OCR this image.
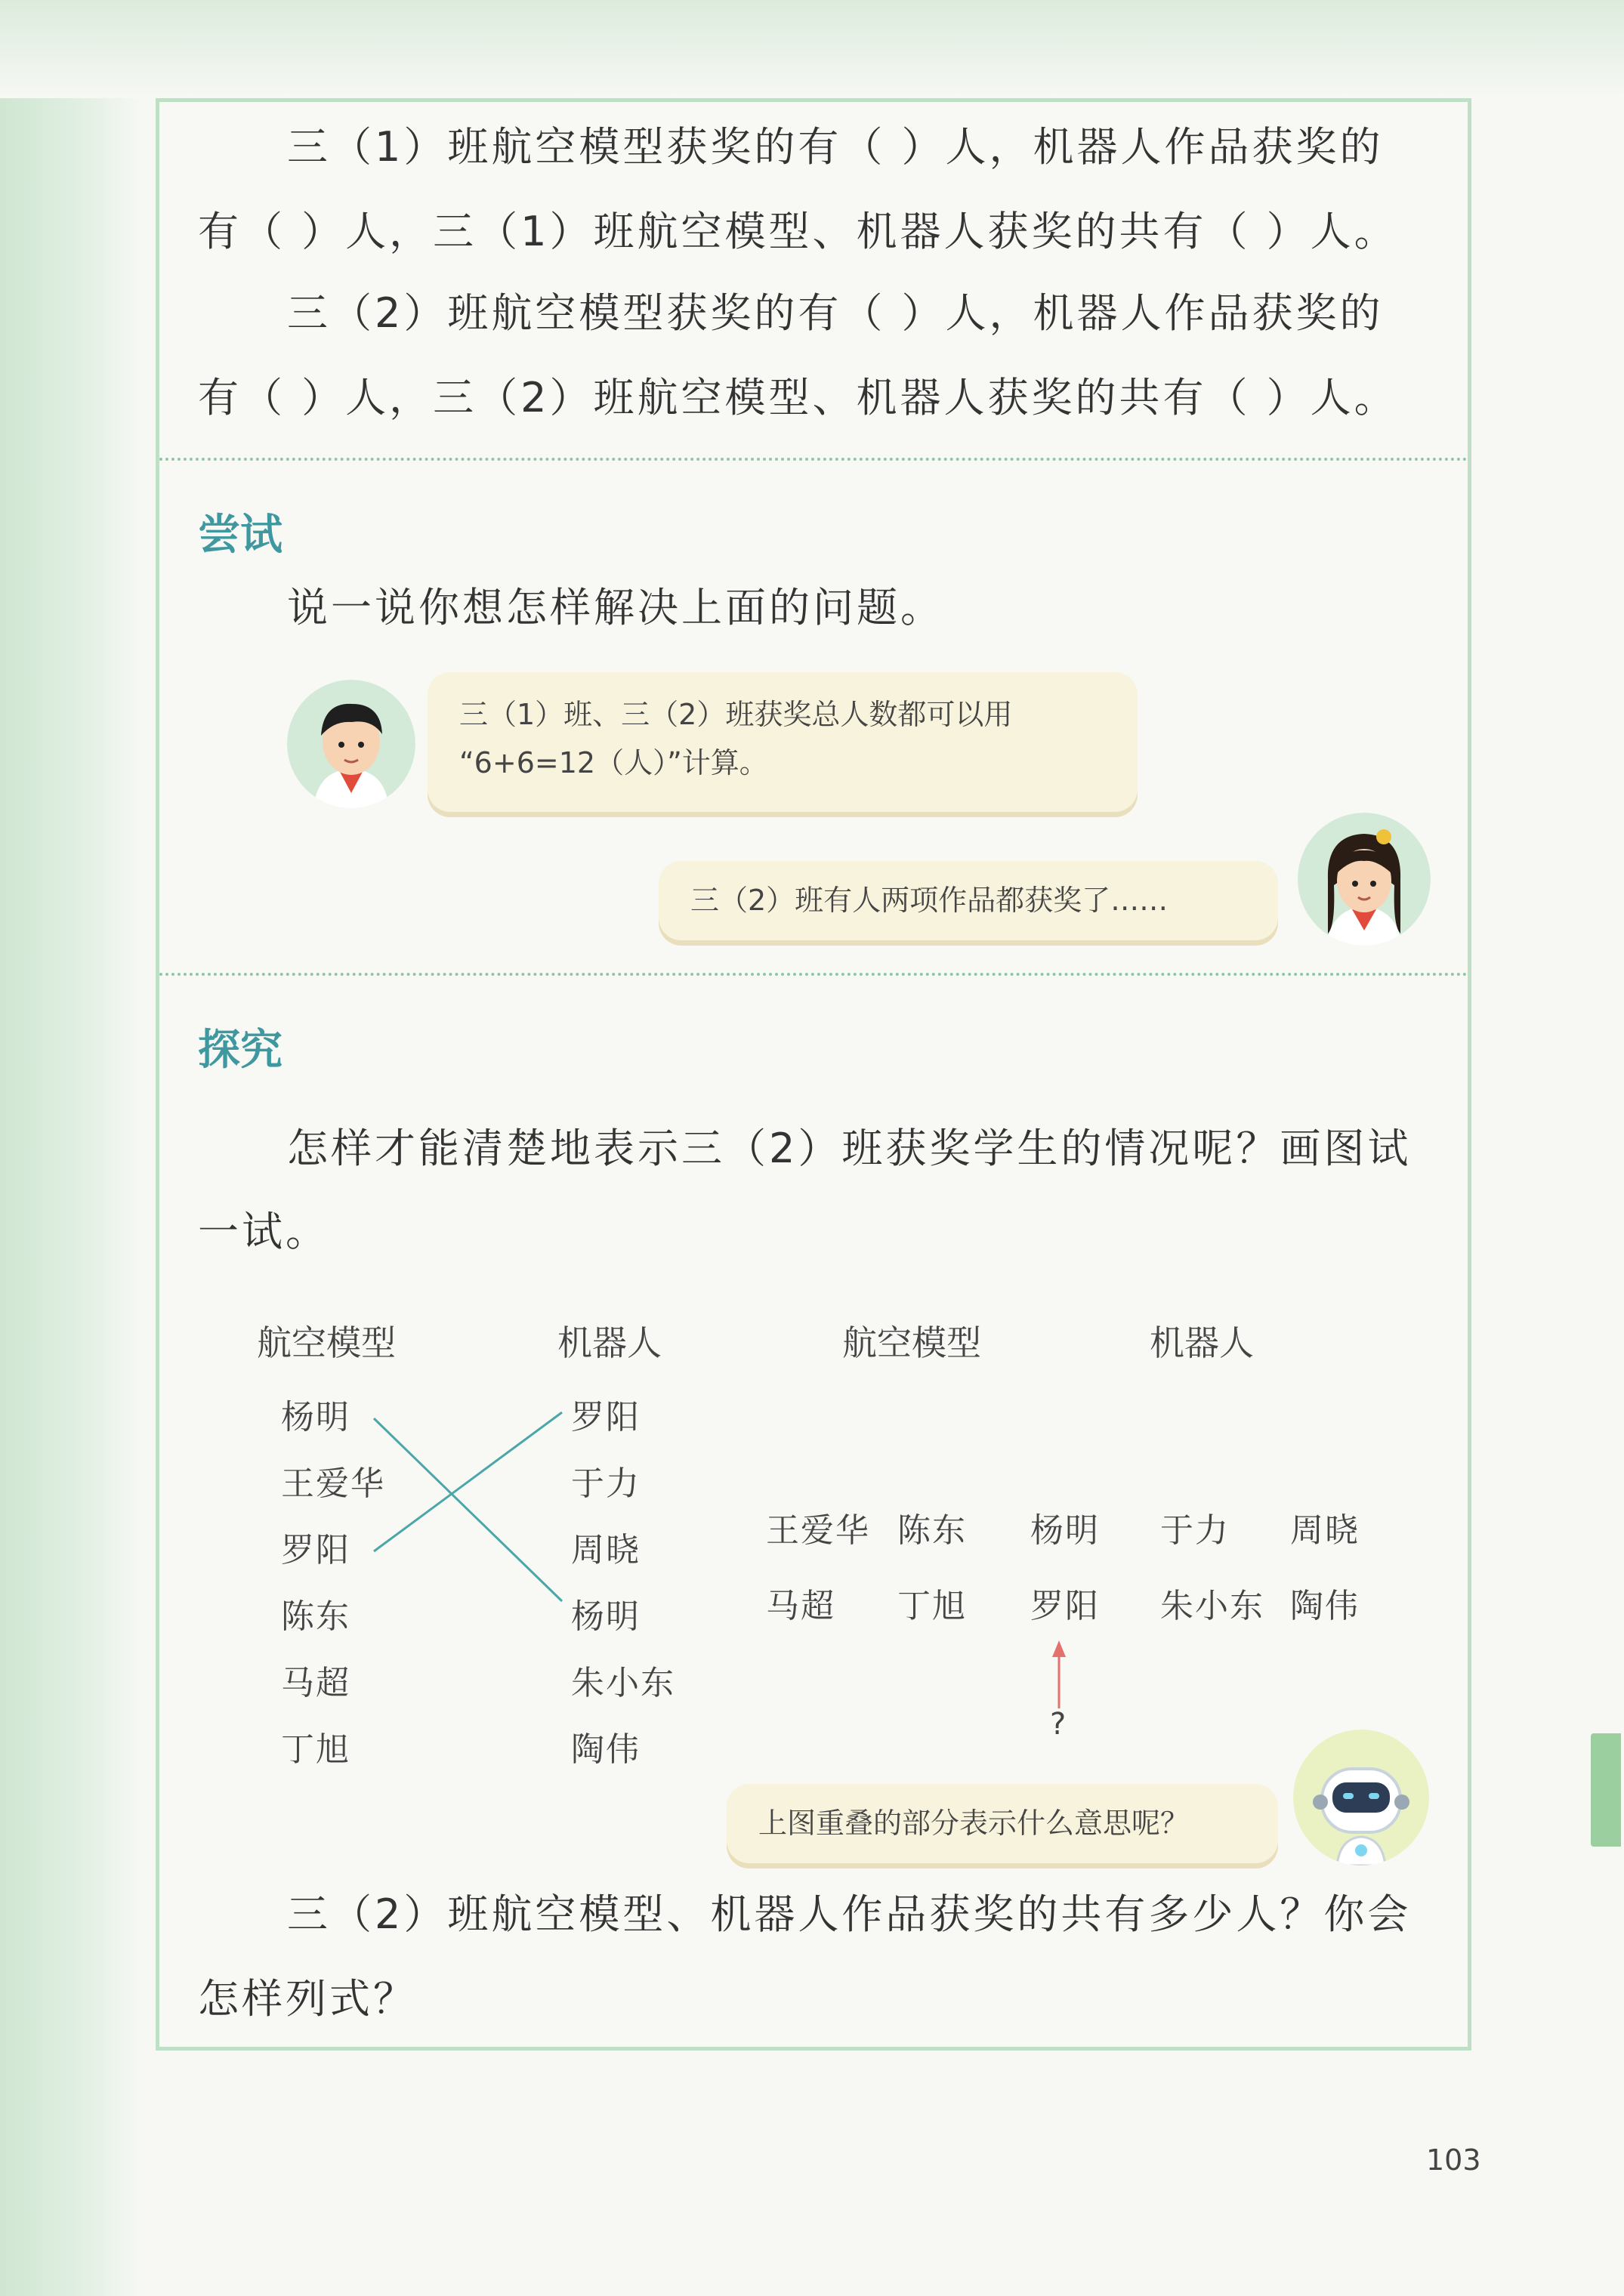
三（1）班航空模型获奖的有（ ）人，机器人作品获奖的
有（ ）人，三（1）班航空模型、机器人获奖的共有（ ）人。
三（2）班航空模型获奖的有（ ）人，机器人作品获奖的
有（ ）人，三（2）班航空模型、机器人获奖的共有（ ）人。
尝试
说一说你想怎样解决上面的问题。
三（1）班、三（2）班获奖总人数都可以用
“6+6=12（人）”计算。
三（2）班有人两项作品都获奖了……
探究
怎样才能清楚地表示三（2）班获奖学生的情况呢？画图试
一试。
航空模型	机器人
杨明
王爱华
罗阳
陈东
马超
丁旭
罗阳
于力
周晓
杨明
朱小东
陶伟
航空模型	机器人
王爱华 陈东
马超 丁旭
杨明
罗阳
于力 周晓
朱小东 陶伟
?
上图重叠的部分表示什么意思呢？
三（2）班航空模型、机器人作品获奖的共有多少人？你会
怎样列式？
103
